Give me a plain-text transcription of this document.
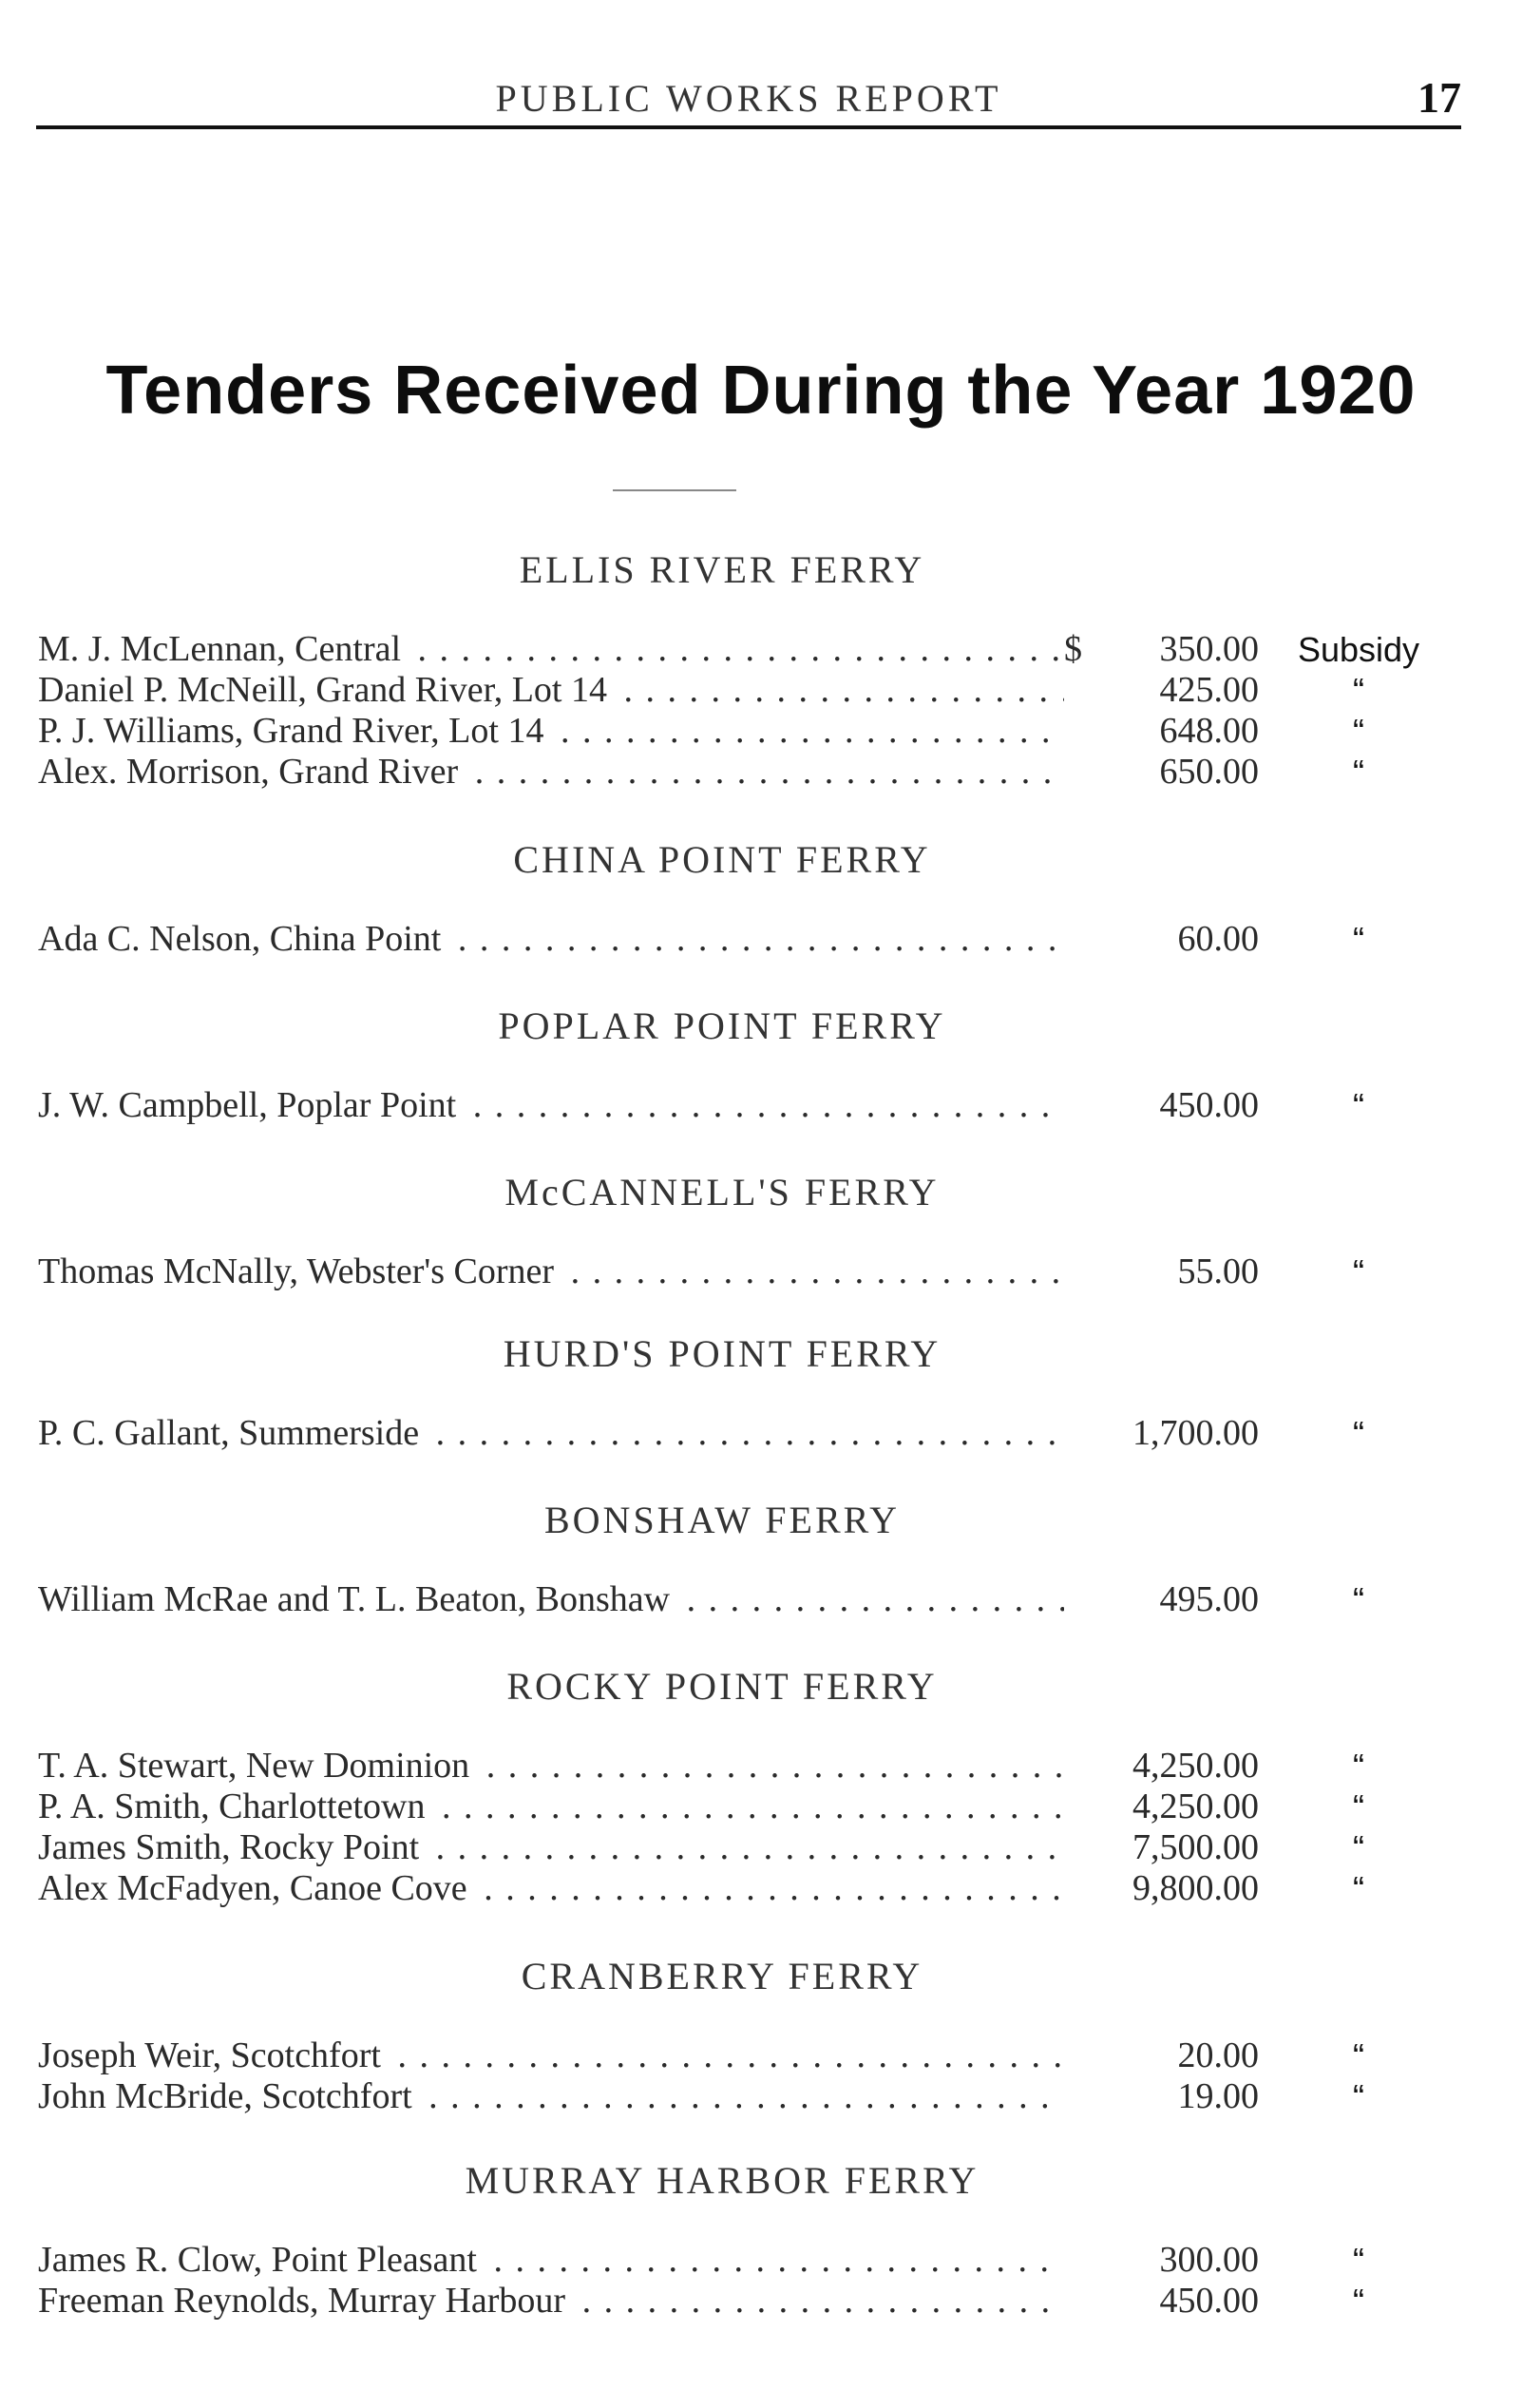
PUBLIC WORKS REPORT	17
Tenders Received During the Year 1920
ELLIS RIVER FERRY
M. J. McLennan, Central . . .	$	350.00	Subsidy
Daniel P. McNeill, Grand River, Lot 14 . . .	425.00	“
P. J. Williams, Grand River, Lot 14 . . .	648.00	“
Alex. Morrison, Grand River . . .	650.00	“
CHINA POINT FERRY
Ada C. Nelson, China Point . . .	60.00	“
POPLAR POINT FERRY
J. W. Campbell, Poplar Point . . .	450.00	“
McCANNELL'S FERRY
Thomas McNally, Webster's Corner . . .	55.00	“
HURD'S POINT FERRY
P. C. Gallant, Summerside . . .	1,700.00	“
BONSHAW FERRY
William McRae and T. L. Beaton, Bonshaw . . .	495.00	“
ROCKY POINT FERRY
T. A. Stewart, New Dominion . . .	4,250.00	“
P. A. Smith, Charlottetown . . .	4,250.00	“
James Smith, Rocky Point . . .	7,500.00	“
Alex McFadyen, Canoe Cove . . .	9,800.00	“
CRANBERRY FERRY
Joseph Weir, Scotchfort . . .	20.00	“
John McBride, Scotchfort . . .	19.00	“
MURRAY HARBOR FERRY
James R. Clow, Point Pleasant . . .	300.00	“
Freeman Reynolds, Murray Harbour . . .	450.00	“
